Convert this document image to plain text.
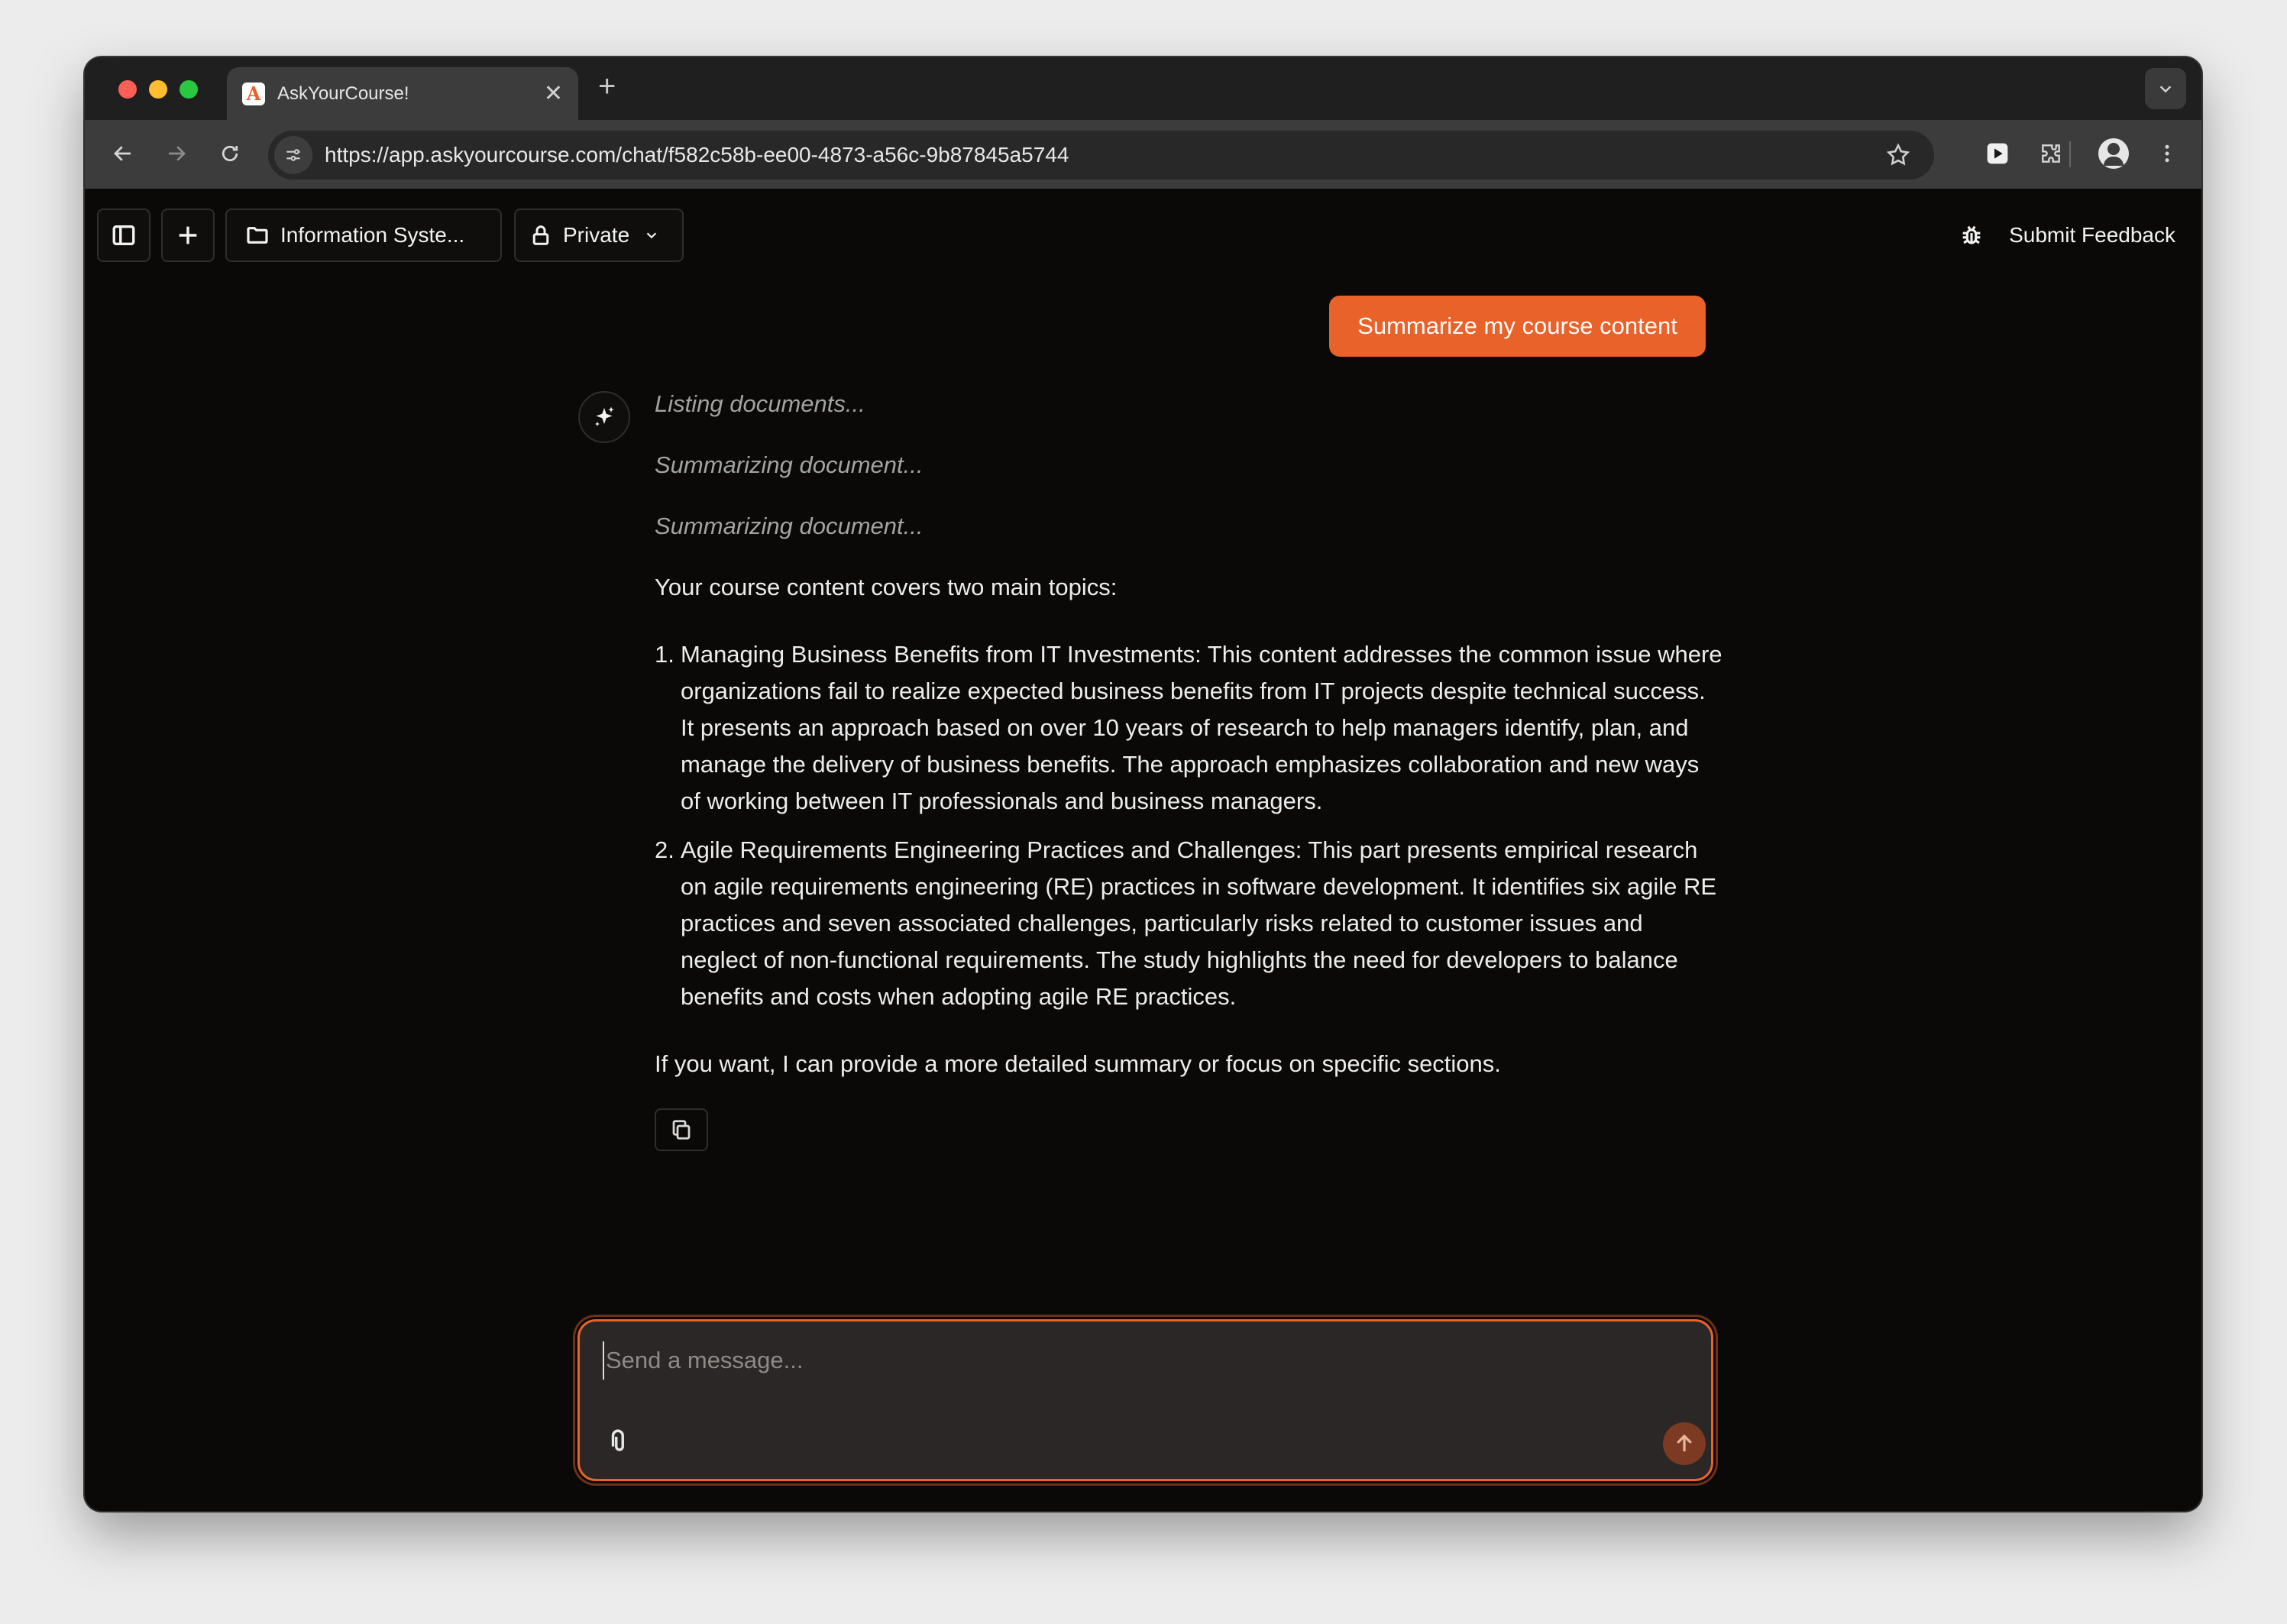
A AskYourCourse!	✕ +
https://app.askyourcourse.com/chat/f582c58b-ee00-4873-a56c-9b87845a5744
Information Syste...	Private	Submit Feedback
Summarize my course content
Listing documents...
Summarizing document...
Summarizing document...
Your course content covers two main topics:
1. Managing Business Benefits from IT Investments: This content addresses the common issue where organizations fail to realize expected business benefits from IT projects despite technical success. It presents an approach based on over 10 years of research to help managers identify, plan, and manage the delivery of business benefits. The approach emphasizes collaboration and new ways of working between IT professionals and business managers.
2. Agile Requirements Engineering Practices and Challenges: This part presents empirical research on agile requirements engineering (RE) practices in software development. It identifies six agile RE practices and seven associated challenges, particularly risks related to customer issues and neglect of non-functional requirements. The study highlights the need for developers to balance benefits and costs when adopting agile RE practices.
If you want, I can provide a more detailed summary or focus on specific sections.
Send a message...
